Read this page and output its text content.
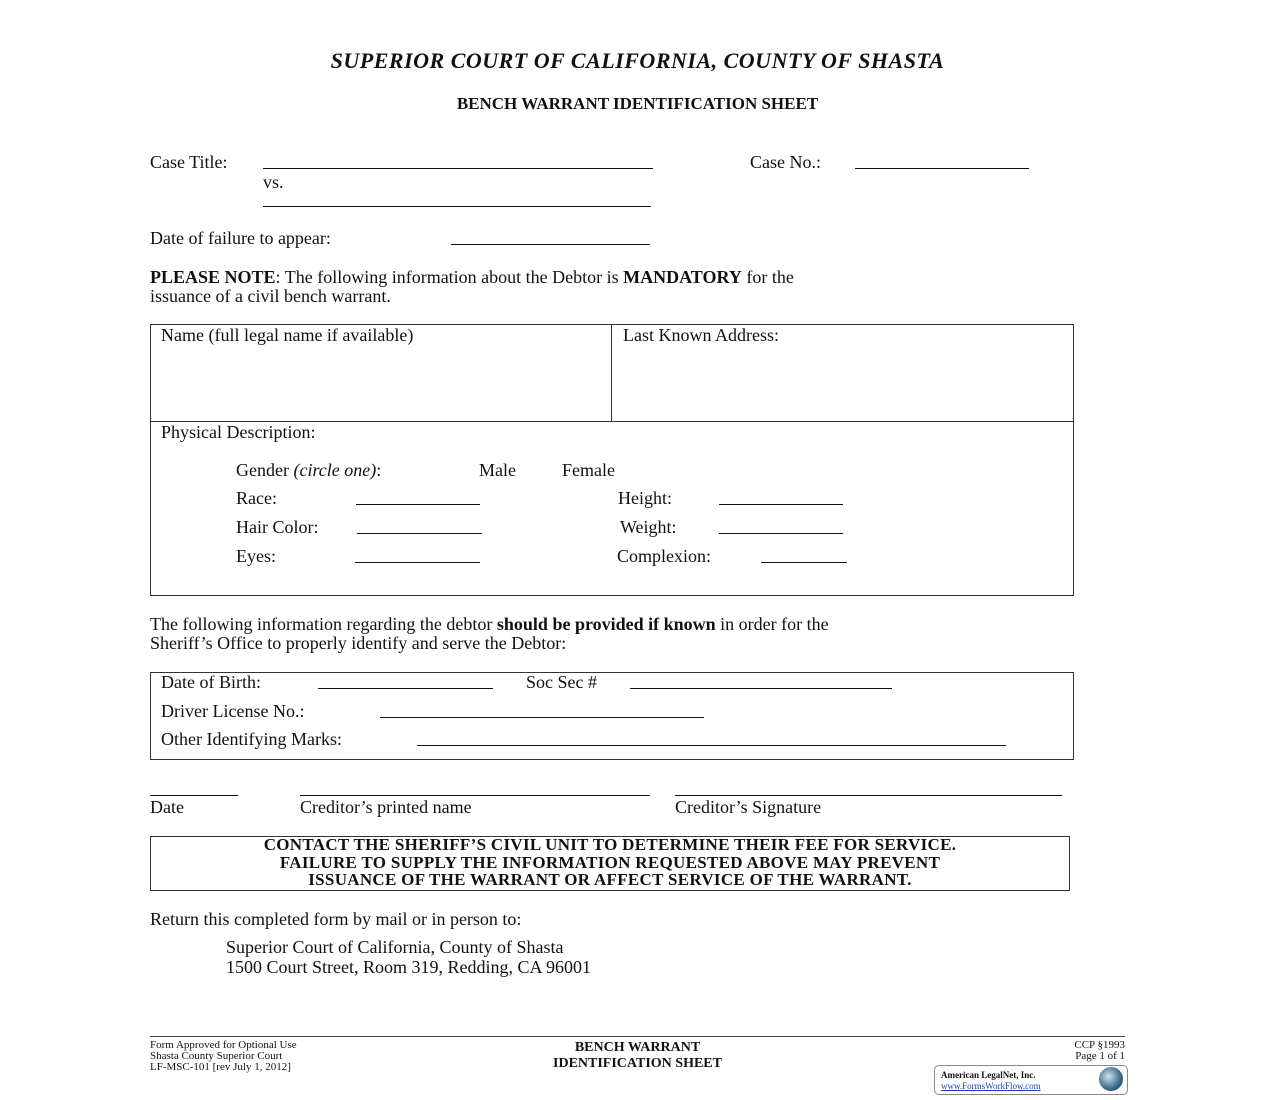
SUPERIOR COURT OF CALIFORNIA, COUNTY OF SHASTA
BENCH WARRANT IDENTIFICATION SHEET
Case Title:
vs.
Case No.:
Date of failure to appear:
PLEASE NOTE: The following information about the Debtor is MANDATORY for the
issuance of a civil bench warrant.
Name (full legal name if available)	Last Known Address:
Physical Description:
Gender (circle one):	Male	Female
Race:	Height:
Hair Color:	Weight:
Eyes:	Complexion:
The following information regarding the debtor should be provided if known in order for the
Sheriff’s Office to properly identify and serve the Debtor:
Date of Birth:	Soc Sec #
Driver License No.:
Other Identifying Marks:
Date	Creditor’s printed name	Creditor’s Signature
CONTACT THE SHERIFF’S CIVIL UNIT TO DETERMINE THEIR FEE FOR SERVICE.
FAILURE TO SUPPLY THE INFORMATION REQUESTED ABOVE MAY PREVENT
ISSUANCE OF THE WARRANT OR AFFECT SERVICE OF THE WARRANT.
Return this completed form by mail or in person to:
Superior Court of California, County of Shasta
1500 Court Street, Room 319, Redding, CA 96001
Form Approved for Optional Use
Shasta County Superior Court
LF-MSC-101 [rev July 1, 2012]
BENCH WARRANT
IDENTIFICATION SHEET
CCP §1993
Page 1 of 1
American LegalNet, Inc.
www.FormsWorkFlow.com
